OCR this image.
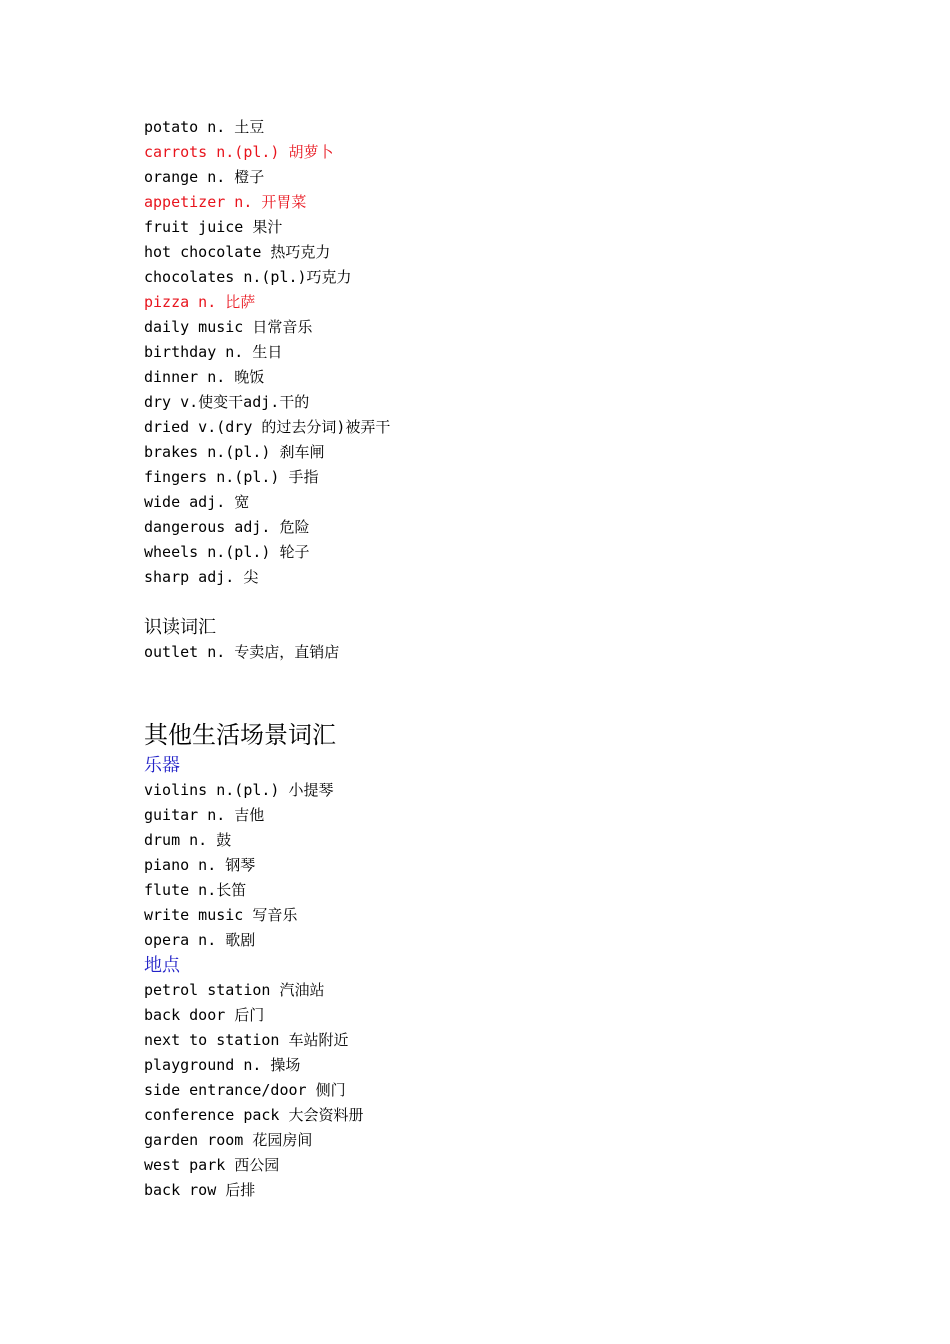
potato n. 土豆
carrots n.(pl.) 胡萝卜
orange n. 橙子
appetizer n. 开胃菜
fruit juice 果汁
hot chocolate 热巧克力
chocolates n.(pl.)巧克力
pizza n. 比萨
daily music 日常音乐
birthday n. 生日
dinner n. 晚饭
dry v.使变干adj.干的
dried v.(dry 的过去分词)被弄干
brakes n.(pl.) 刹车闸
fingers n.(pl.) 手指
wide adj. 宽
dangerous adj. 危险
wheels n.(pl.) 轮子
sharp adj. 尖
识读词汇
outlet n. 专卖店，直销店
其他生活场景词汇
乐器
violins n.(pl.) 小提琴
guitar n. 吉他
drum n. 鼓
piano n. 钢琴
flute n.长笛
write music 写音乐
opera n. 歌剧
地点
petrol station 汽油站
back door 后门
next to station 车站附近
playground n. 操场
side entrance/door 侧门
conference pack 大会资料册
garden room 花园房间
west park 西公园
back row 后排
